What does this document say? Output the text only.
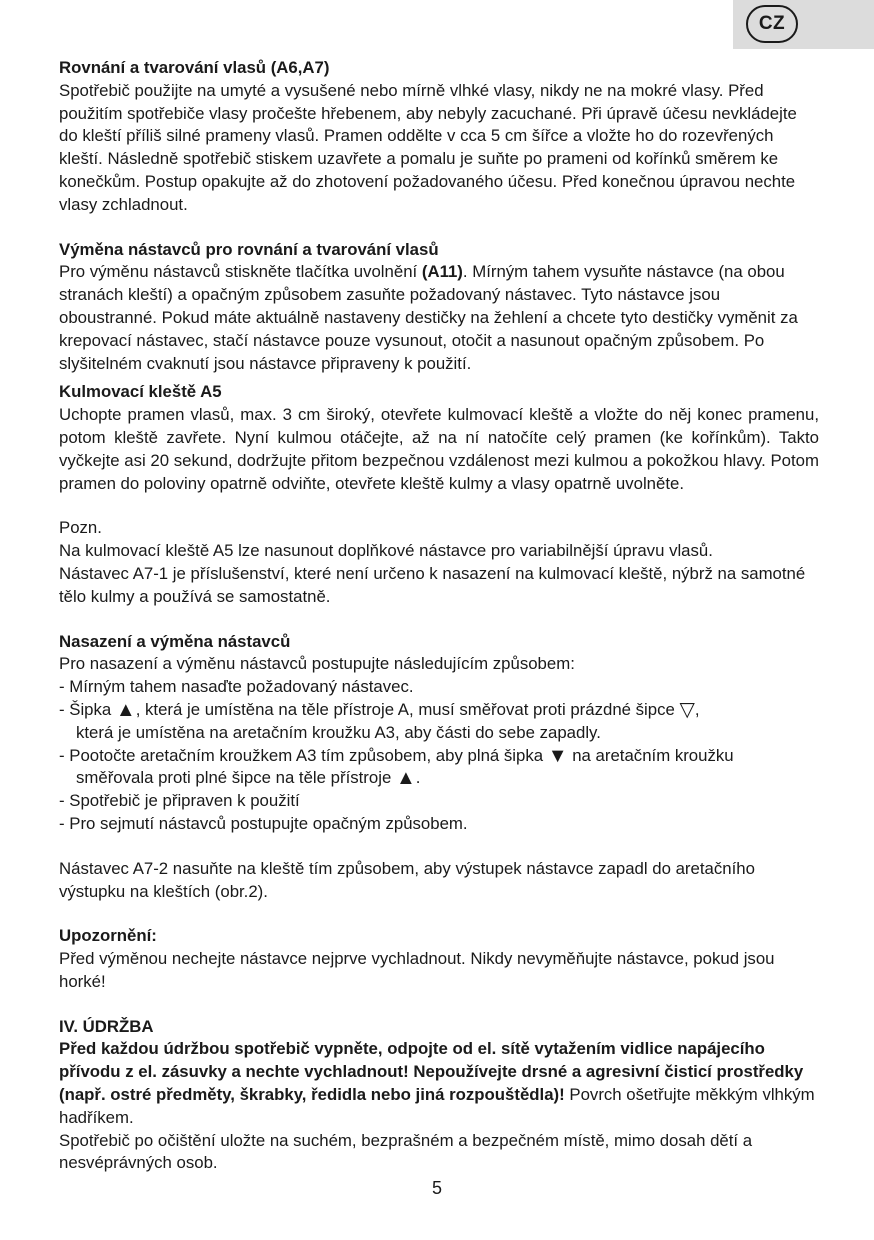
CZ
Rovnání a tvarování vlasů (A6,A7)

Spotřebič použijte na umyté a vysušené nebo mírně vlhké vlasy, nikdy ne na mokré vlasy. Před použitím spotřebiče vlasy pročešte hřebenem, aby nebyly zacuchané. Při úpravě účesu nevkládejte do kleští příliš silné prameny vlasů. Pramen oddělte v cca 5 cm šířce a vložte ho do rozevřených kleští. Následně spotřebič stiskem uzavřete a pomalu je suňte po prameni od kořínků směrem ke konečkům. Postup opakujte až do zhotovení požadovaného účesu. Před konečnou úpravou nechte vlasy zchladnout.

Výměna nástavců pro rovnání a tvarování vlasů

Pro výměnu nástavců stiskněte tlačítka uvolnění (A11). Mírným tahem vysuňte nástavce (na obou stranách kleští) a opačným způsobem zasuňte požadovaný nástavec. Tyto nástavce jsou oboustranné. Pokud máte aktuálně nastaveny destičky na žehlení a chcete tyto destičky vyměnit za krepovací nástavec, stačí nástavce pouze vysunout, otočit a nasunout opačným způsobem. Po slyšitelném cvaknutí jsou nástavce připraveny k použití.

Kulmovací kleště A5

Uchopte pramen vlasů, max. 3 cm široký, otevřete kulmovací kleště a vložte do něj konec pramenu, potom kleště zavřete. Nyní kulmou otáčejte, až na ní natočíte celý pramen (ke kořínkům). Takto vyčkejte asi 20 sekund, dodržujte přitom bezpečnou vzdálenost mezi kulmou a pokožkou hlavy. Potom pramen do poloviny opatrně odviňte, otevřete kleště kulmy a vlasy opatrně uvolněte.

Pozn.

Na kulmovací kleště A5 lze nasunout doplňkové nástavce pro variabilnější úpravu vlasů.

Nástavec A7-1 je příslušenství, které není určeno k nasazení na kulmovací kleště, nýbrž na samotné tělo kulmy a používá se samostatně.

Nasazení a výměna nástavců

Pro nasazení a výměnu nástavců postupujte následujícím způsobem:

- Mírným tahem nasaďte požadovaný nástavec.

- Šipka ▲, která je umístěna na těle přístroje A, musí směřovat proti prázdné šipce ▽,
která je umístěna na aretačním kroužku A3, aby části do sebe zapadly.

- Pootočte aretačním kroužkem A3 tím způsobem, aby plná šipka ▼ na aretačním kroužku
směřovala proti plné šipce na těle přístroje ▲.

- Spotřebič je připraven k použití

- Pro sejmutí nástavců postupujte opačným způsobem.

Nástavec A7-2 nasuňte na kleště tím způsobem, aby výstupek nástavce zapadl do aretačního výstupku na kleštích (obr.2).

Upozornění:

Před výměnou nechejte nástavce nejprve vychladnout. Nikdy nevyměňujte nástavce, pokud jsou horké!

IV. ÚDRŽBA

Před každou údržbou spotřebič vypněte, odpojte od el. sítě vytažením vidlice napájecího přívodu z el. zásuvky a nechte vychladnout! Nepoužívejte drsné a agresivní čisticí prostředky (např. ostré předměty, škrabky, ředidla nebo jiná rozpouštědla)! Povrch ošetřujte měkkým vlhkým hadříkem.

Spotřebič po očištění uložte na suchém, bezprašném a bezpečném místě, mimo dosah dětí a nesvéprávných osob.

5
